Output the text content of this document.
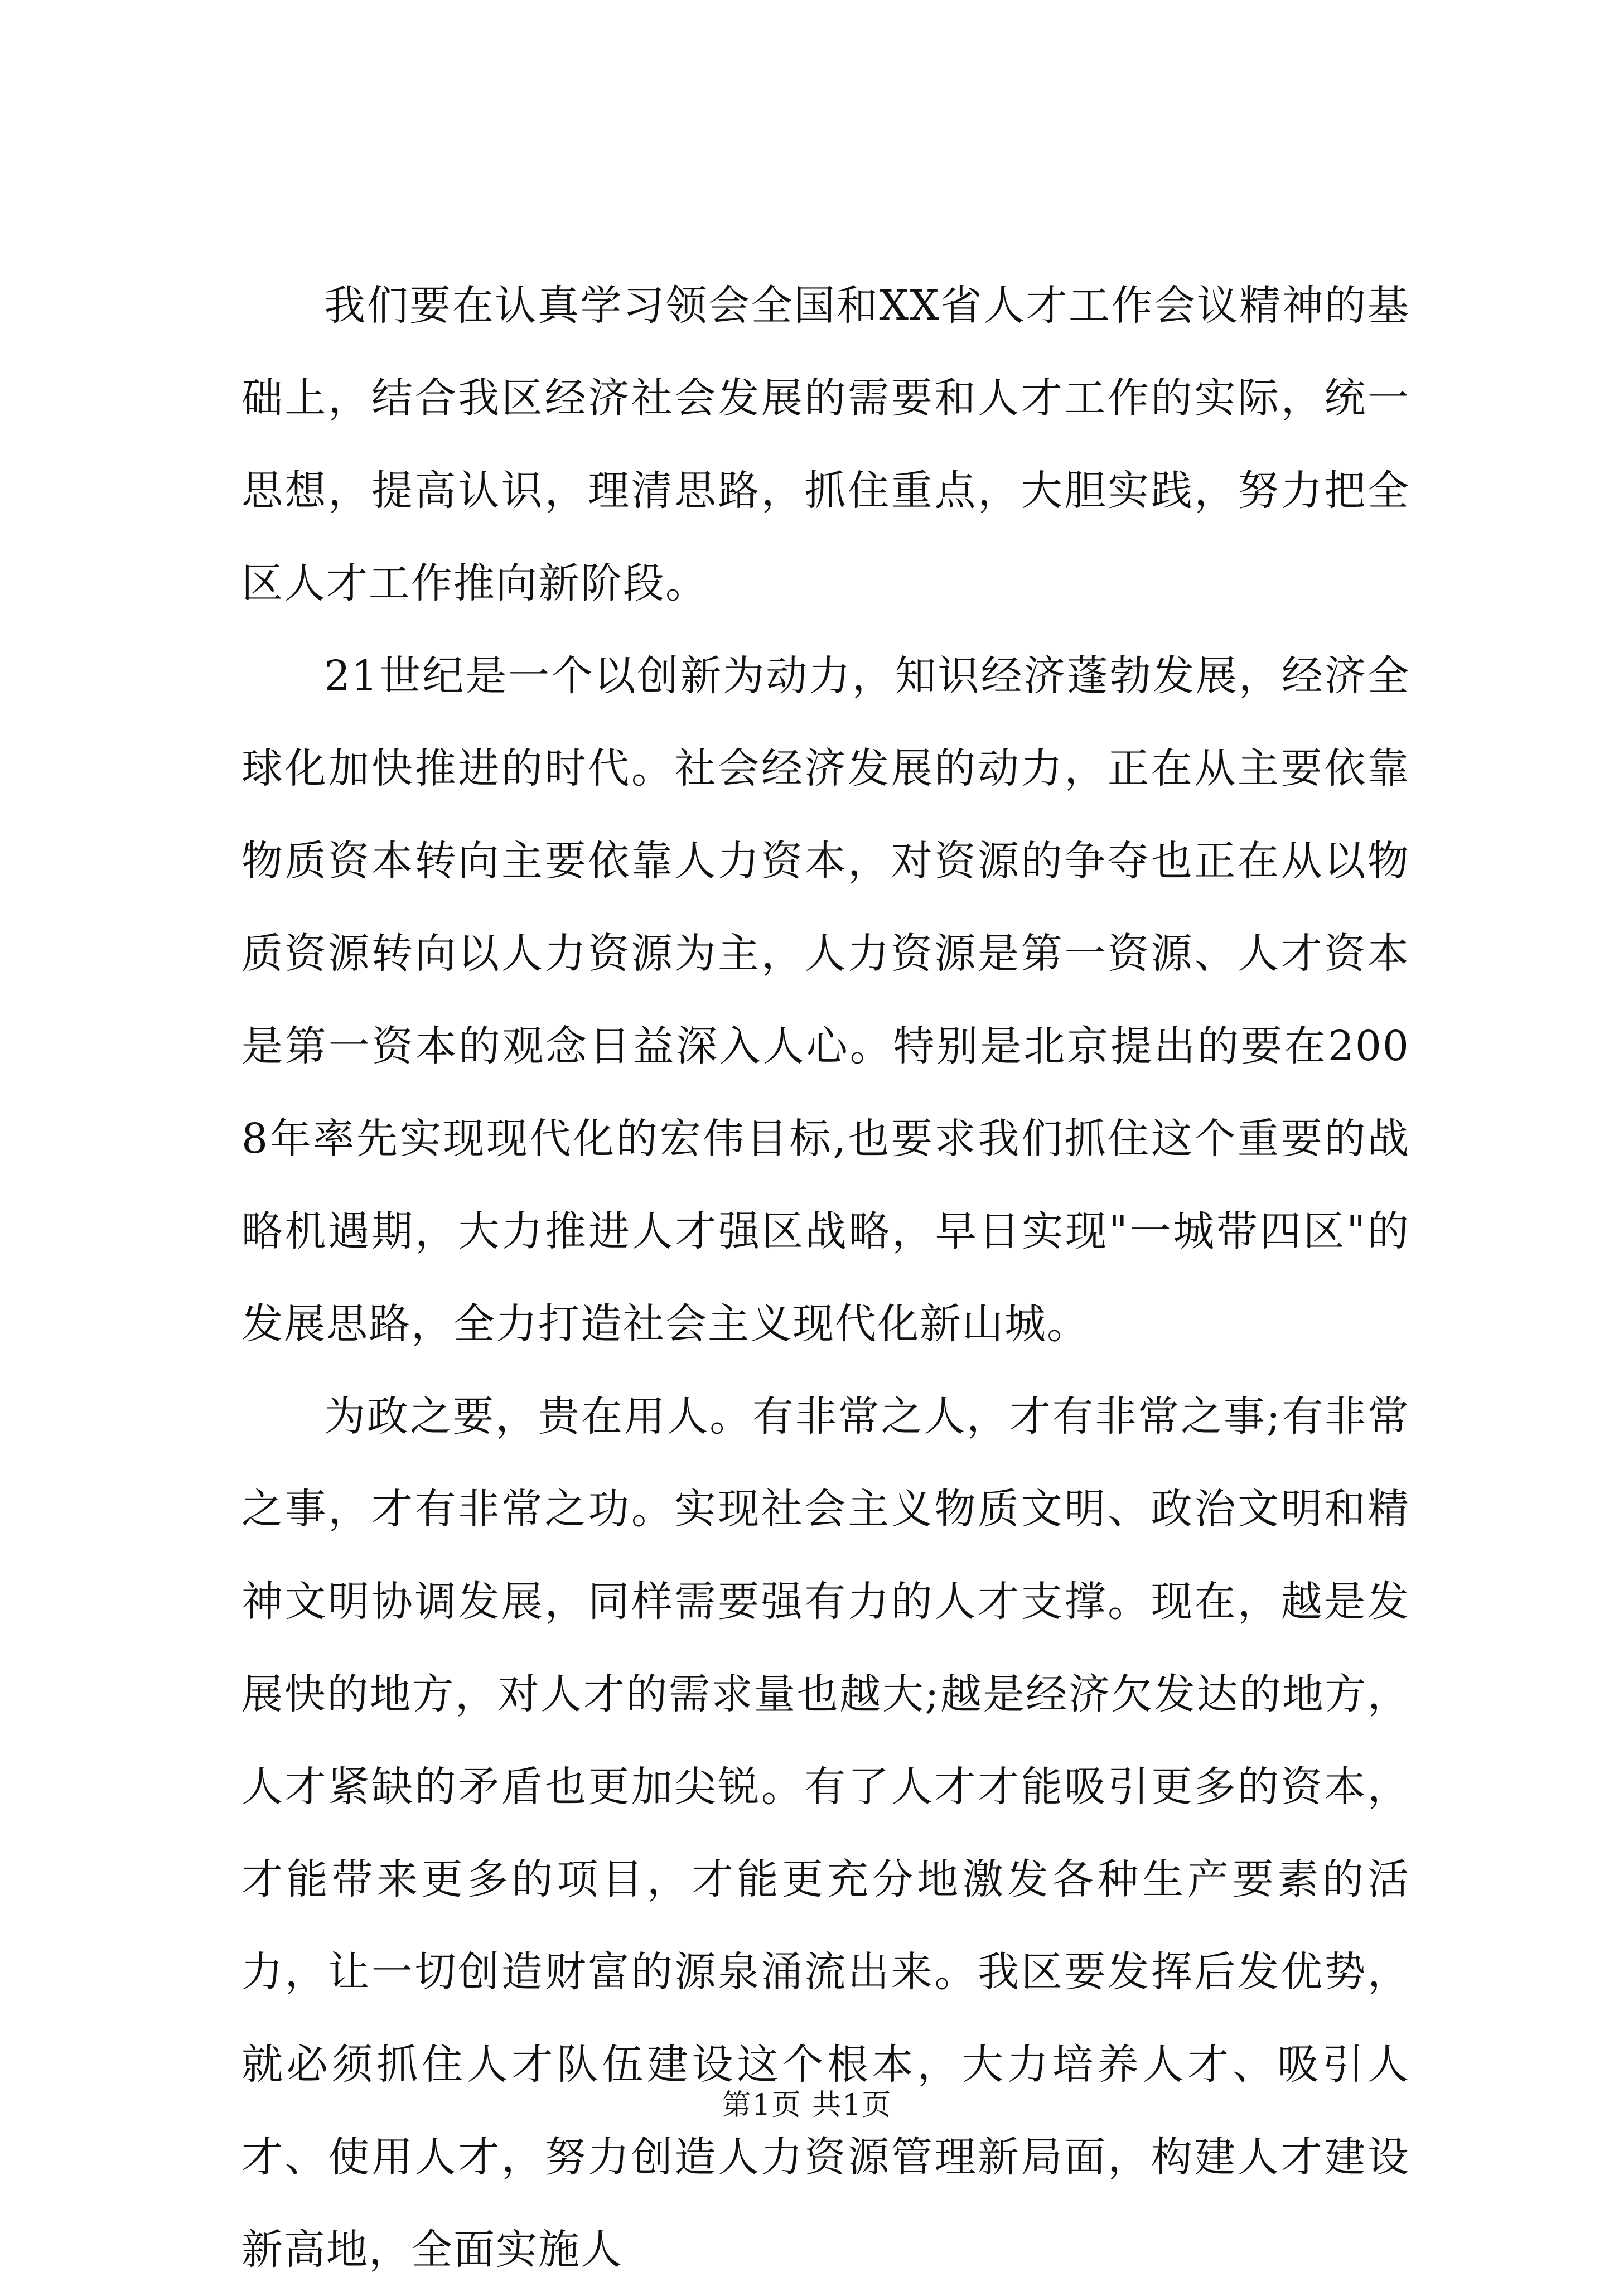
我们要在认真学习领会全国和XX省人才工作会议精神的基础上，结合我区经济社会发展的需要和人才工作的实际，统一思想，提高认识，理清思路，抓住重点，大胆实践，努力把全区人才工作推向新阶段。

21世纪是一个以创新为动力，知识经济蓬勃发展，经济全球化加快推进的时代。社会经济发展的动力，正在从主要依靠物质资本转向主要依靠人力资本，对资源的争夺也正在从以物质资源转向以人力资源为主，人力资源是第一资源、人才资本是第一资本的观念日益深入人心。特别是北京提出的要在2008年率先实现现代化的宏伟目标,也要求我们抓住这个重要的战略机遇期，大力推进人才强区战略，早日实现"一城带四区"的发展思路，全力打造社会主义现代化新山城。

为政之要，贵在用人。有非常之人，才有非常之事;有非常之事，才有非常之功。实现社会主义物质文明、政治文明和精神文明协调发展，同样需要强有力的人才支撑。现在，越是发展快的地方，对人才的需求量也越大;越是经济欠发达的地方，人才紧缺的矛盾也更加尖锐。有了人才才能吸引更多的资本，才能带来更多的项目，才能更充分地激发各种生产要素的活力，让一切创造财富的源泉涌流出来。我区要发挥后发优势，就必须抓住人才队伍建设这个根本，大力培养人才、吸引人才、使用人才，努力创造人力资源管理新局面，构建人才建设新高地，全面实施人

第1页 共1页
